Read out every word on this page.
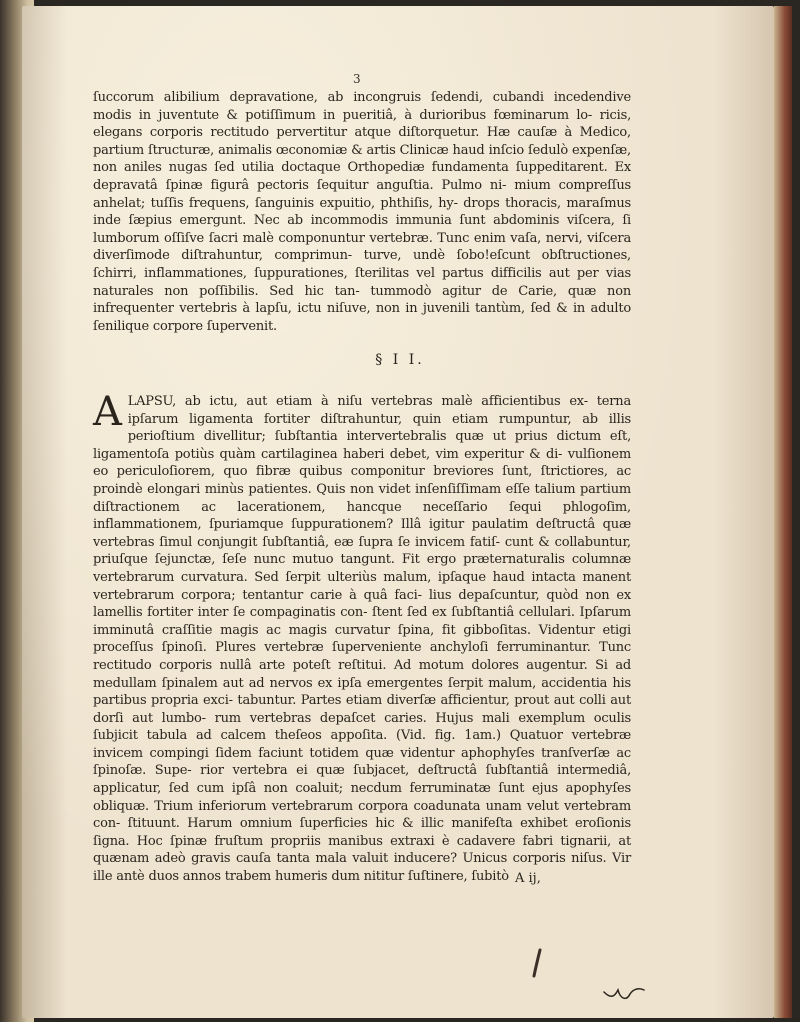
3
ſuccorum alibilium depravatione, ab incongruis ſedendi, cubandi incedendive modis in juventute & potiſſimum in pueritiâ, à durioribus fœminarum lo- ricis, elegans corporis rectitudo pervertitur atque diſtorquetur. Hæ cauſæ à Medico, partium ſtructuræ, animalis œconomiæ & artis Clinicæ haud inſcio ſedulò expenſæ, non aniles nugas ſed utilia doctaque Orthopediæ fundamenta ſuppeditarent. Ex depravatâ ſpinæ figurâ pectoris ſequitur anguſtia. Pulmo ni- mium compreſſus anhelat; tuſſis frequens, ſanguinis expuitio, phthiſis, hy- drops thoracis, maraſmus inde ſæpius emergunt. Nec ab incommodis immunia ſunt abdominis viſcera, ſi lumborum oſſiſve ſacri malè componuntur vertebræ. Tunc enim vaſa, nervi, viſcera diverſimode diſtrahuntur, comprimun- turve, undè ſobo!eſcunt obſtructiones, ſchirri, inflammationes, ſuppurationes, ſterilitas vel partus difficilis aut per vias naturales non poſſibilis. Sed hic tan- tummodò agitur de Carie, quæ non infrequenter vertebris à lapſu, ictu niſuve, non in juvenili tantùm, ſed & in adulto ſenilique corpore ſupervenit.
§ I I.
A LAPSU, ab ictu, aut etiam à niſu vertebras malè afficientibus ex- terna ipſarum ligamenta fortiter diſtrahuntur, quin etiam rumpuntur, ab illis perioſtium divellitur; ſubſtantia intervertebralis quæ ut prius dictum eſt, ligamentoſa potiùs quàm cartilaginea haberi debet, vim experitur & di- vulſionem eo periculoſiorem, quo fibræ quibus componitur breviores ſunt, ſtrictiores, ac proindè elongari minùs patientes. Quis non videt inſenſiſſimam eſſe talium partium diſtractionem ac lacerationem, hancque neceſſario ſequi phlogoſim, inflammationem, ſpuriamque ſuppurationem? Illâ igitur paulatim deſtructâ quæ vertebras ſimul conjungit ſubſtantiâ, eæ ſupra ſe invicem fatiſ- cunt & collabuntur, priuſque ſejunctæ, ſeſe nunc mutuo tangunt. Fit ergo præternaturalis columnæ vertebrarum curvatura. Sed ſerpit ulteriùs malum, ipſaque haud intacta manent vertebrarum corpora; tentantur carie à quâ faci- lius depaſcuntur, quòd non ex lamellis fortiter inter ſe compaginatis con- ſtent ſed ex ſubſtantiâ cellulari. Ipſarum imminutâ craſſitie magis ac magis curvatur ſpina, fit gibboſitas. Videntur etigi proceſſus ſpinoſi. Plures vertebræ ſuperveniente anchyloſi ferruminantur. Tunc rectitudo corporis nullâ arte poteſt reſtitui. Ad motum dolores augentur. Si ad medullam ſpinalem aut ad nervos ex ipſa emergentes ſerpit malum, accidentia his partibus propria exci- tabuntur. Partes etiam diverſæ afficientur, prout aut colli aut dorſi aut lumbo- rum vertebras depaſcet caries. Hujus mali exemplum oculis ſubjicit tabula ad calcem theſeos appoſita. (Vid. fig. 1am.) Quatuor vertebræ invicem compingi ſidem faciunt totidem quæ videntur aphophyſes tranſverſæ ac ſpinoſæ. Supe- rior vertebra ei quæ ſubjacet, deſtructâ ſubſtantiâ intermediâ, applicatur, ſed cum ipſâ non coaluit; necdum ferruminatæ ſunt ejus apophyſes obliquæ. Trium inferiorum vertebrarum corpora coadunata unam velut vertebram con- ſtituunt. Harum omnium ſuperficies hic & illic manifeſta exhibet eroſionis ſigna. Hoc ſpinæ fruſtum propriis manibus extraxi è cadavere fabri tignarii, at quænam adeò gravis cauſa tanta mala valuit inducere? Unicus corporis niſus. Vir ille antè duos annos trabem humeris dum nititur ſuſtinere, ſubitò A ij,
